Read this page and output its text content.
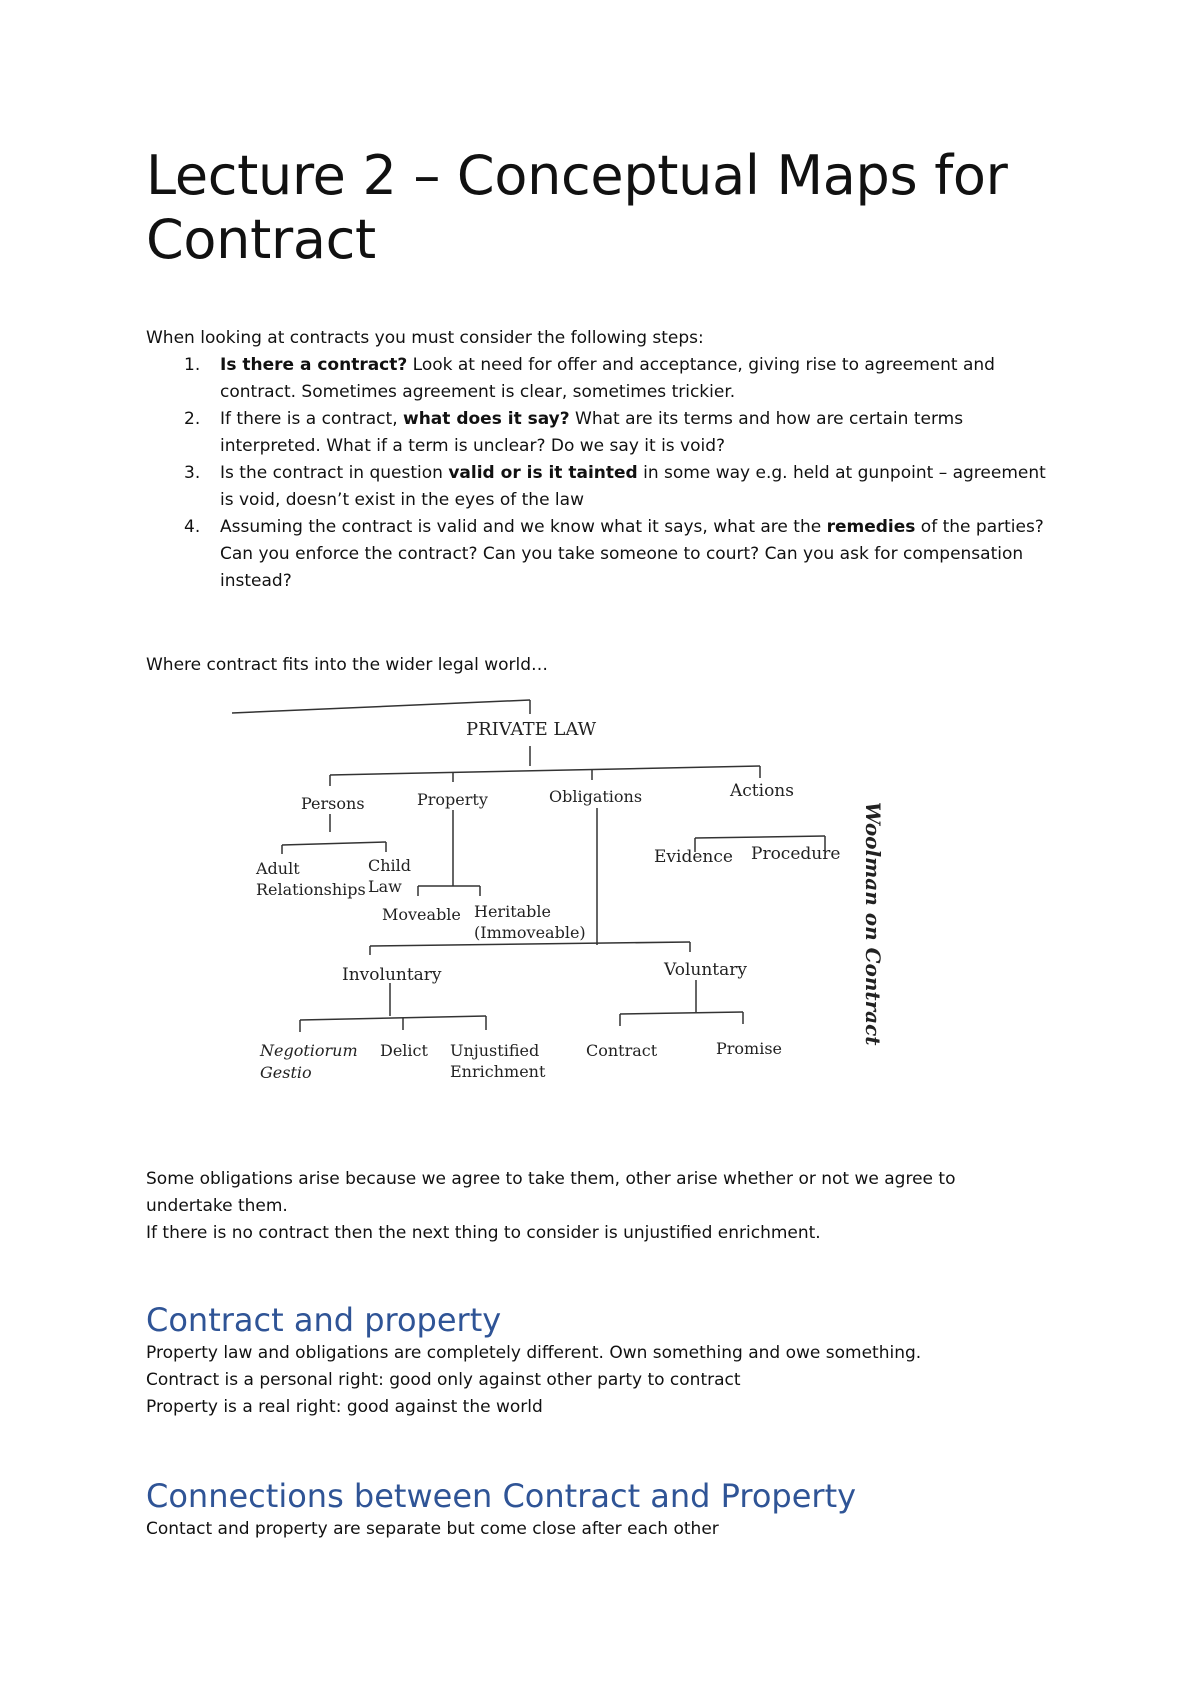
Lecture 2 – Conceptual Maps for Contract

When looking at contracts you must consider the following steps:

1. Is there a contract? Look at need for offer and acceptance, giving rise to agreement and contract. Sometimes agreement is clear, sometimes trickier.
2. If there is a contract, what does it say? What are its terms and how are certain terms interpreted. What if a term is unclear? Do we say it is void?
3. Is the contract in question valid or is it tainted in some way e.g. held at gunpoint – agreement is void, doesn’t exist in the eyes of the law
4. Assuming the contract is valid and we know what it says, what are the remedies of the parties? Can you enforce the contract? Can you take someone to court? Can you ask for compensation instead?

Where contract fits into the wider legal world…

PRIVATE LAW
Persons	Property	Obligations	Actions
Adult
Relationships
Child
Law
Moveable Heritable
(Immoveable)
Evidence Procedure
Involuntary	Voluntary
Negotiorum
Gestio
Delict Unjustified
Enrichment
Contract	Promise
Woolman on Contract

Some obligations arise because we agree to take them, other arise whether or not we agree to undertake them.
If there is no contract then the next thing to consider is unjustified enrichment.

Contract and property

Property law and obligations are completely different. Own something and owe something.
Contract is a personal right: good only against other party to contract
Property is a real right: good against the world

Connections between Contract and Property

Contact and property are separate but come close after each other
